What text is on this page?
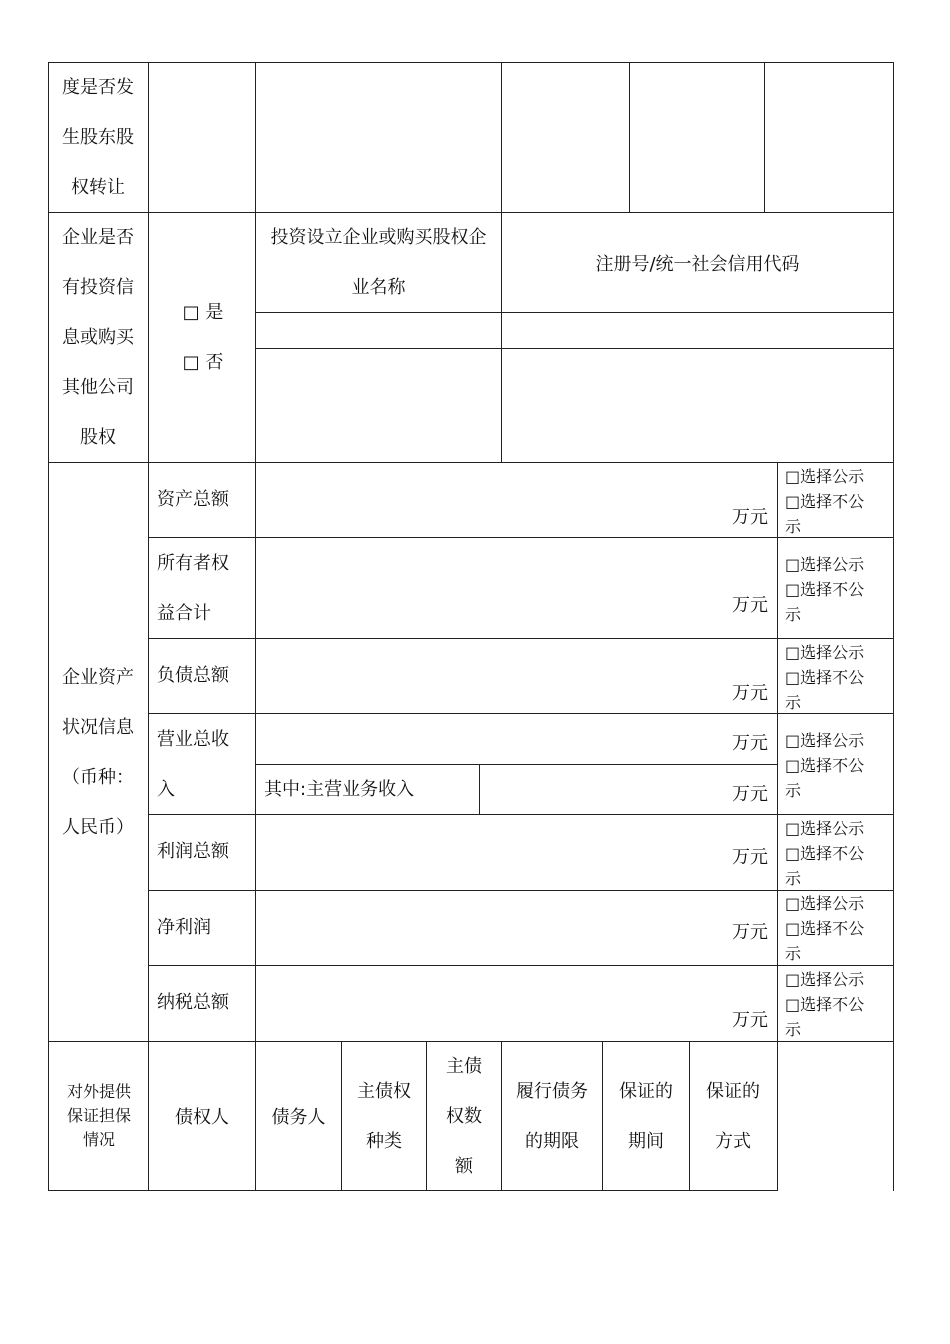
度是否发生股东股权转让
企业是否有投资信息或购买其他公司股权
□ 是
□ 否
投资设立企业或购买股权企业名称
注册号/统一社会信用代码
企业资产状况信息（币种：人民币）
资产总额
所有者权益合计
负债总额
营业总收入
利润总额
净利润
纳税总额
其中:主营业务收入
万元
万元
万元
万元
万元
万元
万元
万元
□选择公示
□选择不公示
□选择公示
□选择不公示
□选择公示
□选择不公示
□选择公示
□选择不公示
□选择公示
□选择不公示
□选择公示
□选择不公示
□选择公示
□选择不公示
对外提供保证担保情况
债权人	债务人
主债权种类
主债权数额
履行债务的期限
保证的期间
保证的方式
